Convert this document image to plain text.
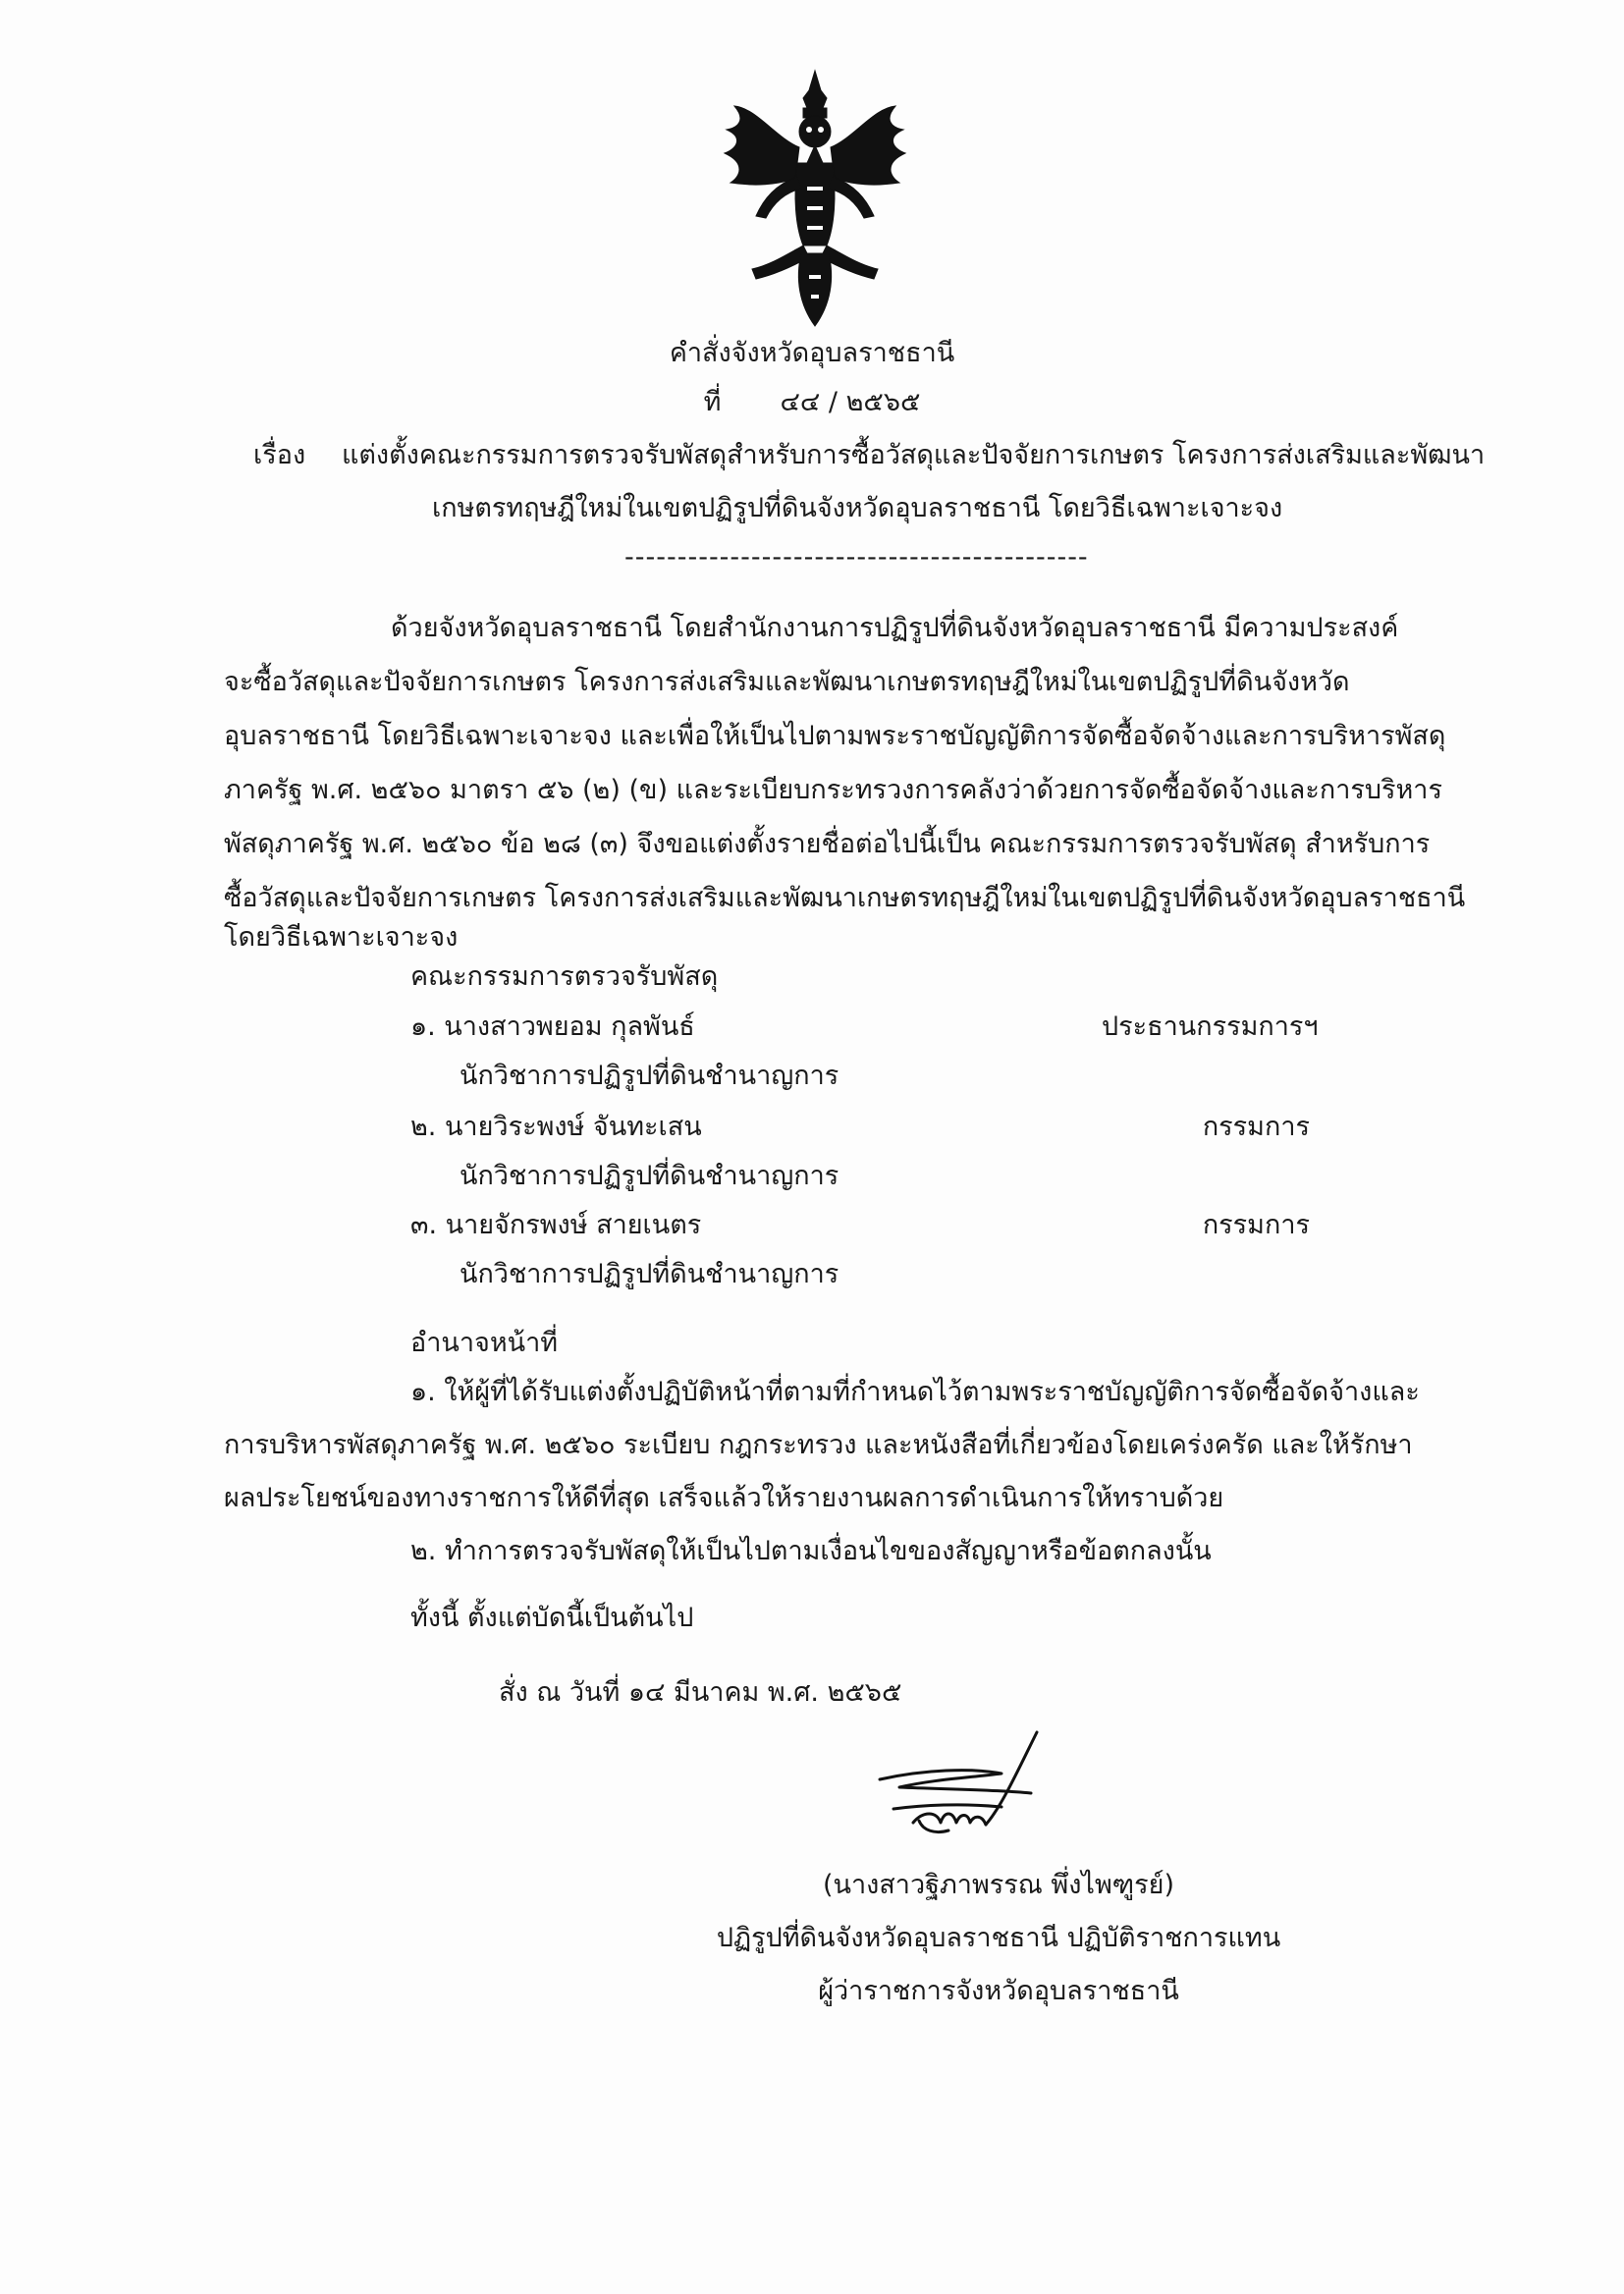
คำสั่งจังหวัดอุบลราชธานี
ที่ ๔๔ / ๒๕๖๕
เรื่อง แต่งตั้งคณะกรรมการตรวจรับพัสดุสำหรับการซื้อวัสดุและปัจจัยการเกษตร โครงการส่งเสริมและพัฒนา
เกษตรทฤษฎีใหม่ในเขตปฏิรูปที่ดินจังหวัดอุบลราชธานี โดยวิธีเฉพาะเจาะจง
--------------------------------------------
ด้วยจังหวัดอุบลราชธานี โดยสำนักงานการปฏิรูปที่ดินจังหวัดอุบลราชธานี มีความประสงค์
จะซื้อวัสดุและปัจจัยการเกษตร โครงการส่งเสริมและพัฒนาเกษตรทฤษฎีใหม่ในเขตปฏิรูปที่ดินจังหวัด
อุบลราชธานี โดยวิธีเฉพาะเจาะจง และเพื่อให้เป็นไปตามพระราชบัญญัติการจัดซื้อจัดจ้างและการบริหารพัสดุ
ภาครัฐ พ.ศ. ๒๕๖๐ มาตรา ๕๖ (๒) (ข) และระเบียบกระทรวงการคลังว่าด้วยการจัดซื้อจัดจ้างและการบริหาร
พัสดุภาครัฐ พ.ศ. ๒๕๖๐ ข้อ ๒๘ (๓) จึงขอแต่งตั้งรายชื่อต่อไปนี้เป็น คณะกรรมการตรวจรับพัสดุ สำหรับการ
ซื้อวัสดุและปัจจัยการเกษตร โครงการส่งเสริมและพัฒนาเกษตรทฤษฎีใหม่ในเขตปฏิรูปที่ดินจังหวัดอุบลราชธานี
โดยวิธีเฉพาะเจาะจง
คณะกรรมการตรวจรับพัสดุ
๑. นางสาวพยอม กุลพันธ์	ประธานกรรมการฯ
นักวิชาการปฏิรูปที่ดินชำนาญการ
๒. นายวิระพงษ์ จันทะเสน	กรรมการ
นักวิชาการปฏิรูปที่ดินชำนาญการ
๓. นายจักรพงษ์ สายเนตร	กรรมการ
นักวิชาการปฏิรูปที่ดินชำนาญการ
อำนาจหน้าที่
๑. ให้ผู้ที่ได้รับแต่งตั้งปฏิบัติหน้าที่ตามที่กำหนดไว้ตามพระราชบัญญัติการจัดซื้อจัดจ้างและ
การบริหารพัสดุภาครัฐ พ.ศ. ๒๕๖๐ ระเบียบ กฎกระทรวง และหนังสือที่เกี่ยวข้องโดยเคร่งครัด และให้รักษา
ผลประโยชน์ของทางราชการให้ดีที่สุด เสร็จแล้วให้รายงานผลการดำเนินการให้ทราบด้วย
๒. ทำการตรวจรับพัสดุให้เป็นไปตามเงื่อนไขของสัญญาหรือข้อตกลงนั้น
ทั้งนี้ ตั้งแต่บัดนี้เป็นต้นไป
สั่ง ณ วันที่ ๑๔ มีนาคม พ.ศ. ๒๕๖๕
(นางสาวฐิภาพรรณ พึ่งไพฑูรย์)
ปฏิรูปที่ดินจังหวัดอุบลราชธานี ปฏิบัติราชการแทน
ผู้ว่าราชการจังหวัดอุบลราชธานี
